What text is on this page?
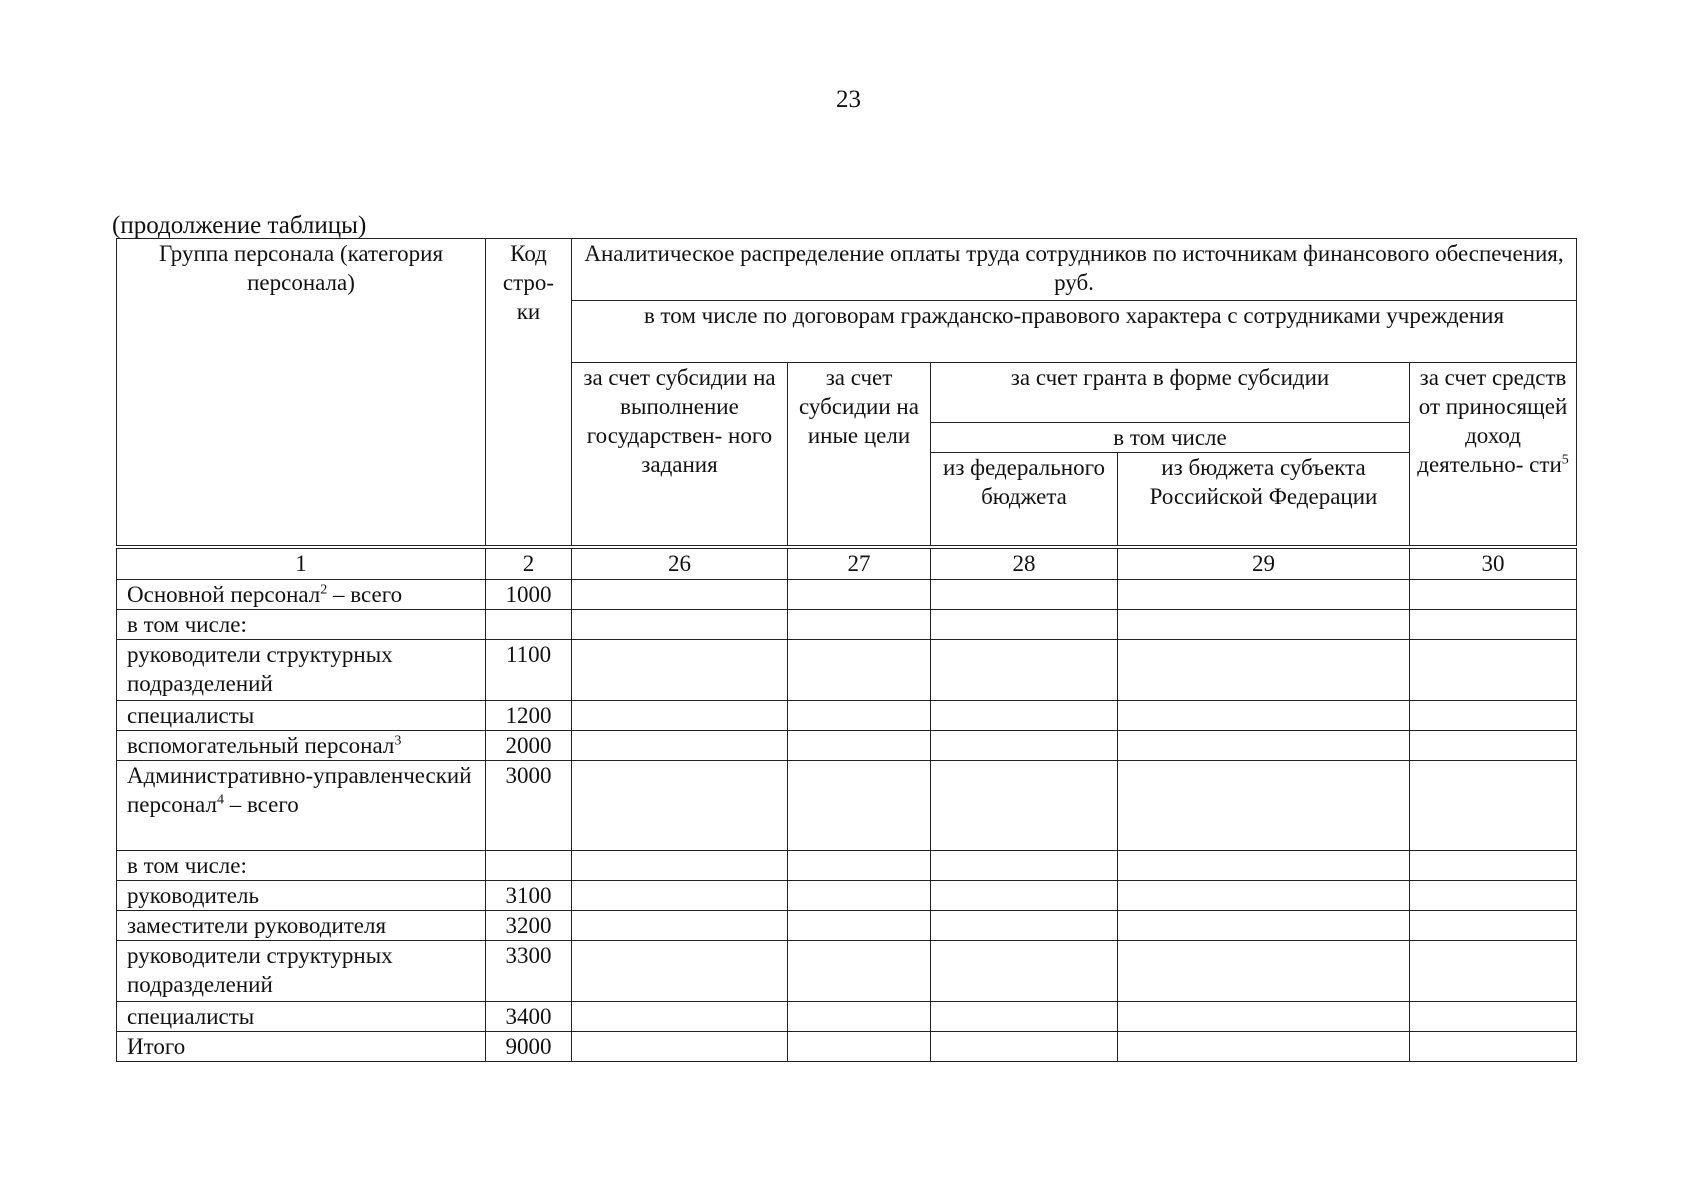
23
(продолжение таблицы)
Группа персонала (категория персонала)	Код стро- ки	Аналитическое распределение оплаты труда сотрудников по источникам финансового обеспечения, руб.				
		в том числе по договорам гражданско-правового характера с сотрудниками учреждения				
		за счет субсидии на выполнение государствен- ного задания	за счет субсидии на иные цели	за счет гранта в форме субсидии		за счет средств от приносящей доход деятельно- сти$^5$
				в том числе		
				из федерального бюджета	из бюджета субъекта Российской Федерации	
1	2	26	27	28	29	30
Основной персонал$^2$ – всего	1000					
в том числе:						
руководители структурных подразделений	1100					
специалисты	1200					
вспомогательный персонал$^3$	2000					
Административно-управленческий персонал$^4$ – всего	3000					
в том числе:						
руководитель	3100					
заместители руководителя	3200					
руководители структурных подразделений	3300					
специалисты	3400					
Итого	9000					
